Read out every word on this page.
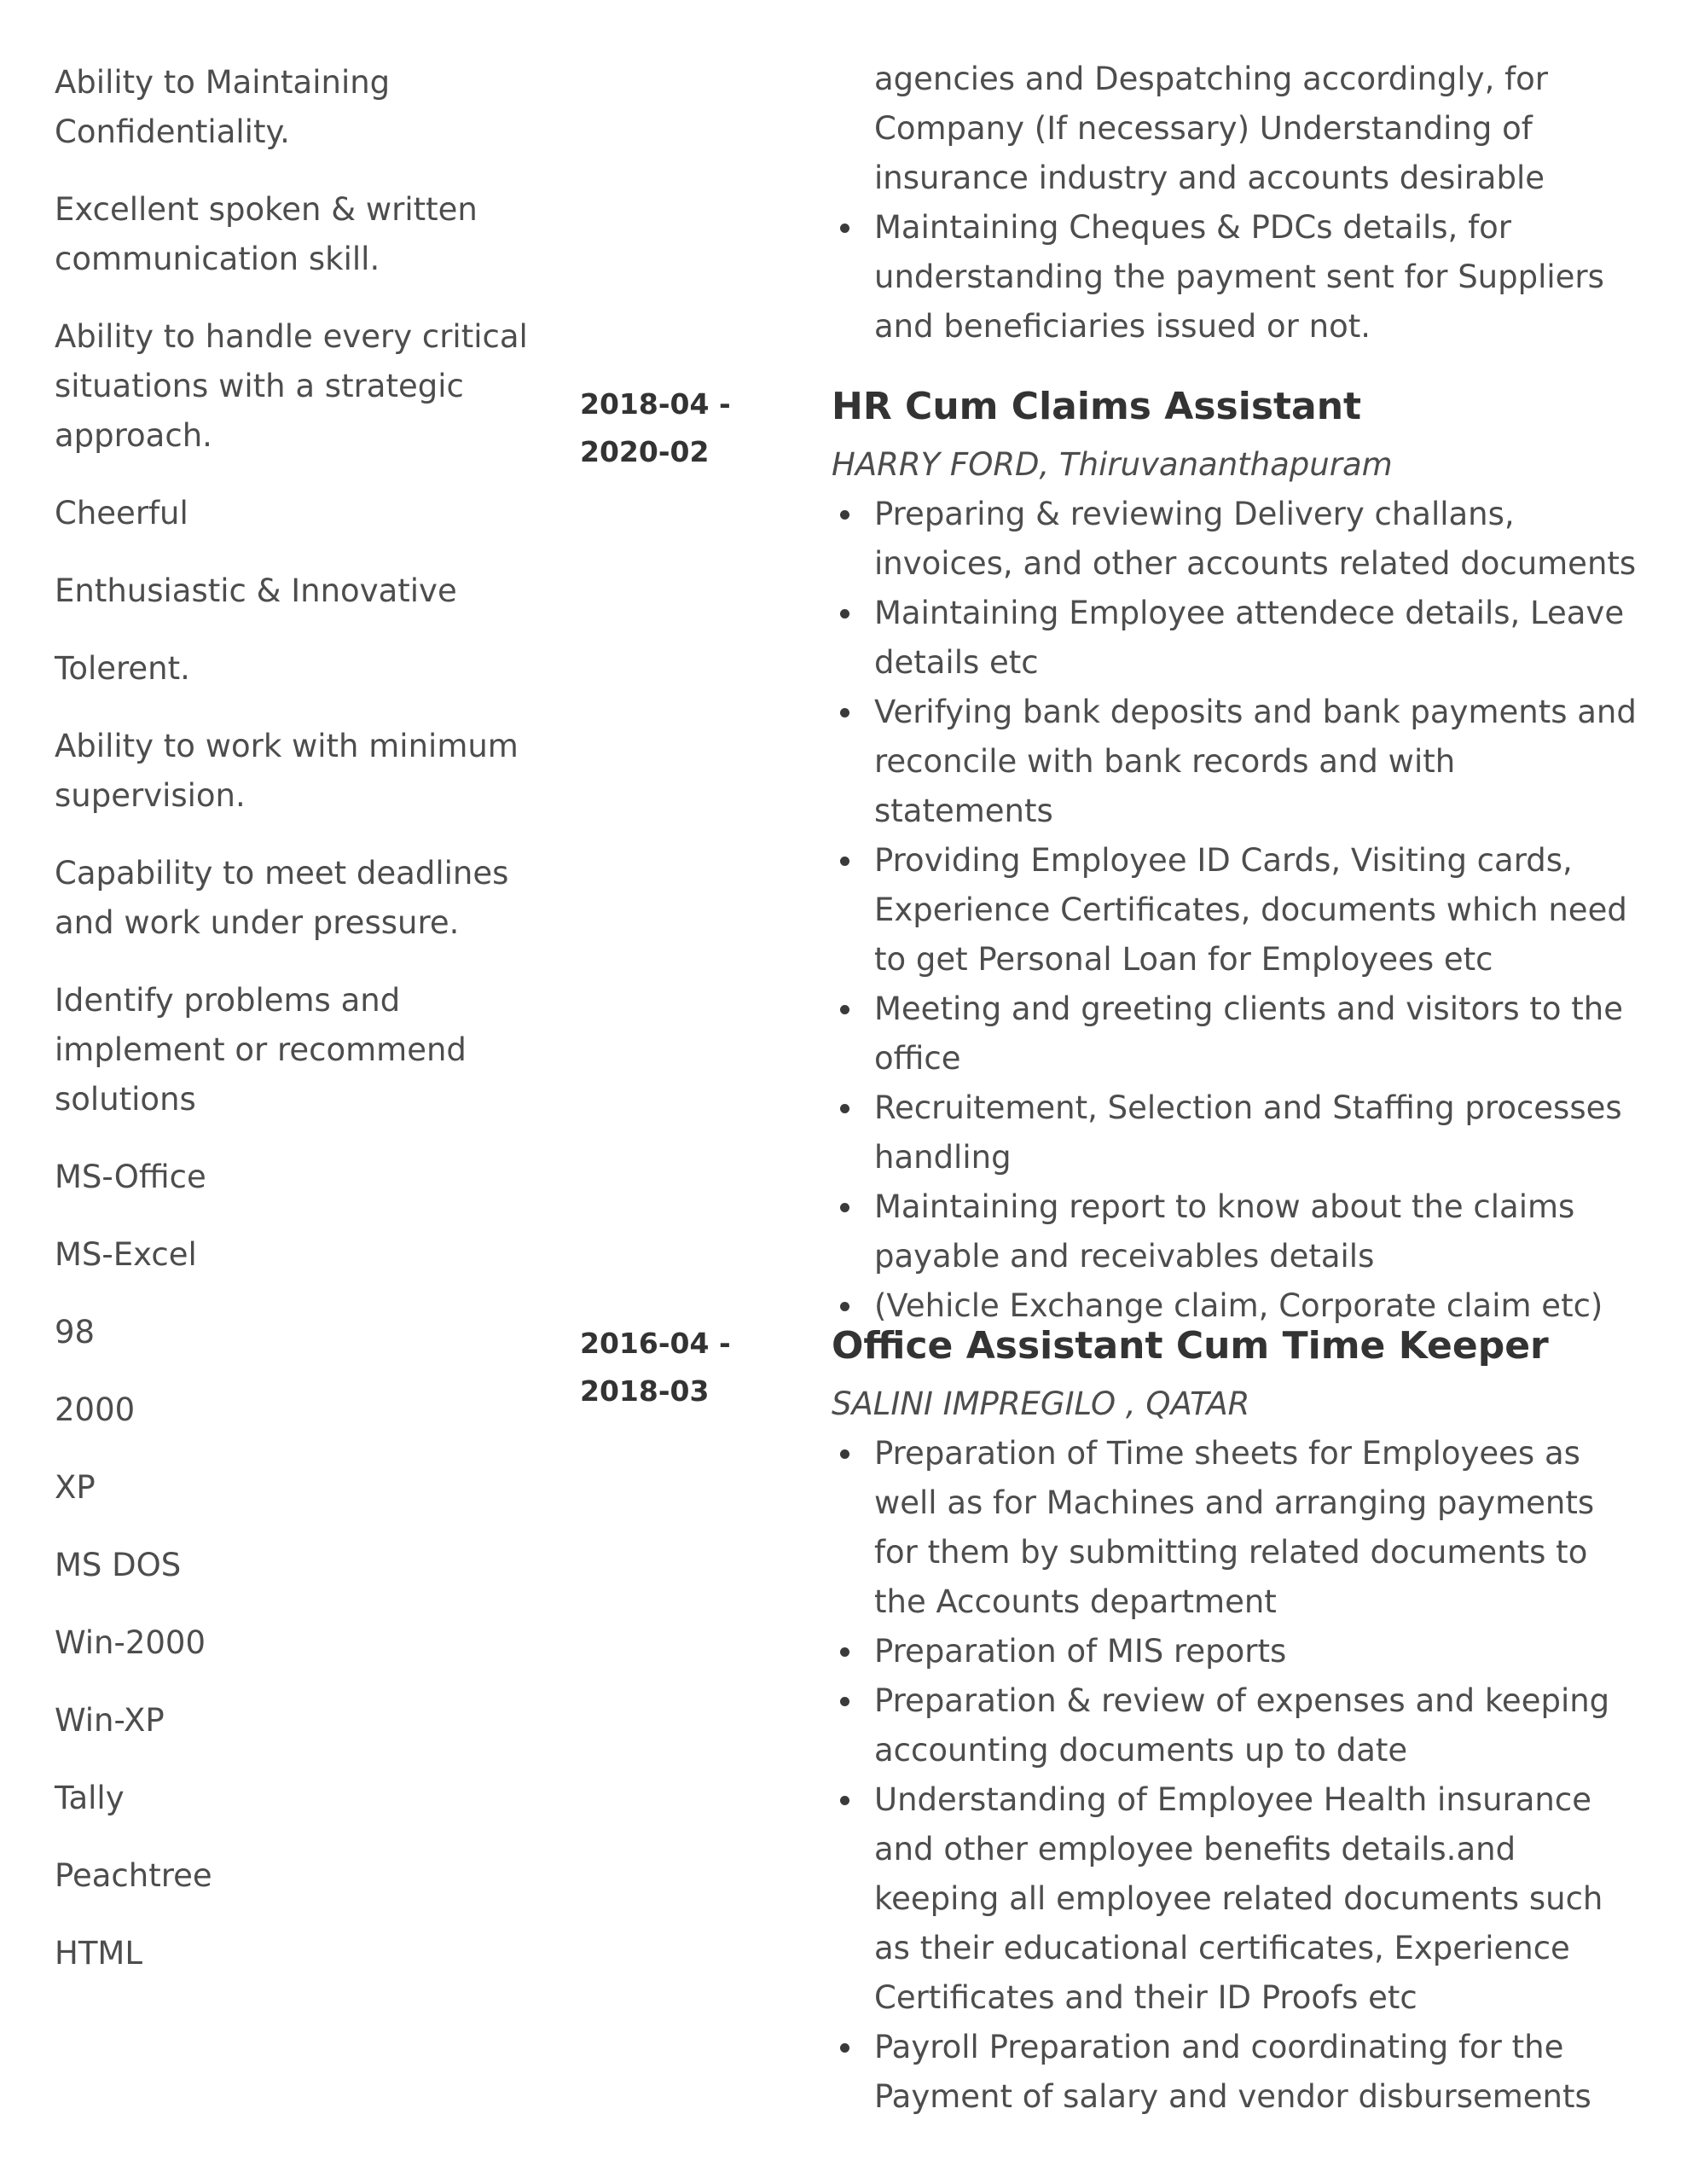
Ability to Maintaining Confidentiality.

Excellent spoken & written communication skill.

Ability to handle every critical situations with a strategic approach.

Cheerful

Enthusiastic & Innovative

Tolerent.

Ability to work with minimum supervision.

Capability to meet deadlines and work under pressure.

Identify problems and implement or recommend solutions

MS-Office

MS-Excel

98

2000

XP

MS DOS

Win-2000

Win-XP

Tally

Peachtree

HTML

agencies and Despatching accordingly, for Company (If necessary) Understanding of insurance industry and accounts desirable
Maintaining Cheques & PDCs details, for understanding the payment sent for Suppliers and beneficiaries issued or not.
2018-04 -
2020-02
HR Cum Claims Assistant

HARRY FORD, Thiruvananthapuram

Preparing & reviewing Delivery challans, invoices, and other accounts related documents
Maintaining Employee attendece details, Leave details etc
Verifying bank deposits and bank payments and reconcile with bank records and with statements
Providing Employee ID Cards, Visiting cards, Experience Certificates, documents which need to get Personal Loan for Employees etc
Meeting and greeting clients and visitors to the office
Recruitement, Selection and Staffing processes handling
Maintaining report to know about the claims payable and receivables details
(Vehicle Exchange claim, Corporate claim etc)
2016-04 -
2018-03
Office Assistant Cum Time Keeper

SALINI IMPREGILO , QATAR

Preparation of Time sheets for Employees as well as for Machines and arranging payments for them by submitting related documents to the Accounts department
Preparation of MIS reports
Preparation & review of expenses and keeping accounting documents up to date
Understanding of Employee Health insurance and other employee benefits details.and keeping all employee related documents such as their educational certificates, Experience Certificates and their ID Proofs etc
Payroll Preparation and coordinating for the Payment of salary and vendor disbursements
